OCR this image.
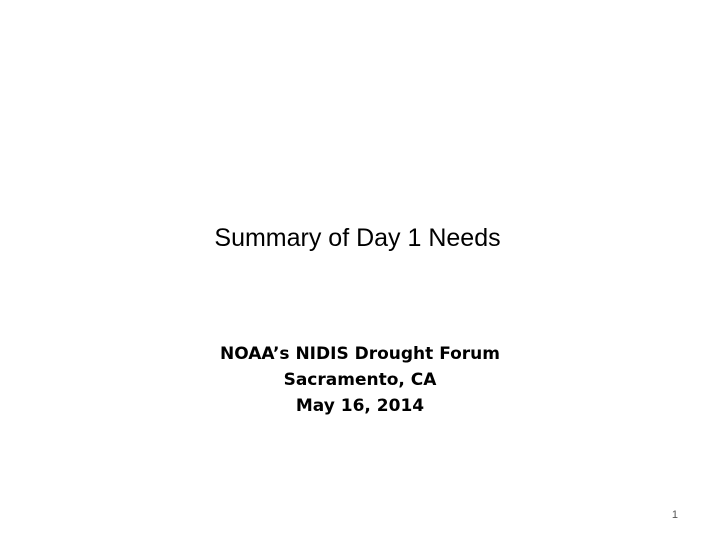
Summary of Day 1 Needs
NOAA’s NIDIS Drought Forum
Sacramento, CA
May 16, 2014
1
